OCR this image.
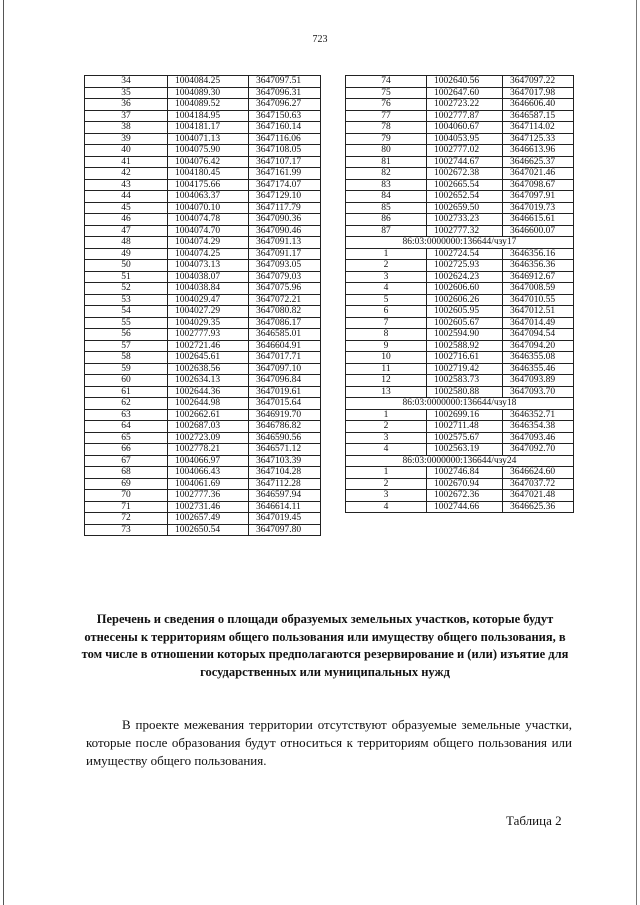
723
34	1004084.25	3647097.51
35	1004089.30	3647096.31
36	1004089.52	3647096.27
37	1004184.95	3647150.63
38	1004181.17	3647160.14
39	1004071.13	3647116.06
40	1004075.90	3647108.05
41	1004076.42	3647107.17
42	1004180.45	3647161.99
43	1004175.66	3647174.07
44	1004063.37	3647129.10
45	1004070.10	3647117.79
46	1004074.78	3647090.36
47	1004074.70	3647090.46
48	1004074.29	3647091.13
49	1004074.25	3647091.17
50	1004073.13	3647093.05
51	1004038.07	3647079.03
52	1004038.84	3647075.96
53	1004029.47	3647072.21
54	1004027.29	3647080.82
55	1004029.35	3647086.17
56	1002777.93	3646585.01
57	1002721.46	3646604.91
58	1002645.61	3647017.71
59	1002638.56	3647097.10
60	1002634.13	3647096.84
61	1002644.36	3647019.61
62	1002644.98	3647015.64
63	1002662.61	3646919.70
64	1002687.03	3646786.82
65	1002723.09	3646590.56
66	1002778.21	3646571.12
67	1004066.97	3647103.39
68	1004066.43	3647104.28
69	1004061.69	3647112.28
70	1002777.36	3646597.94
71	1002731.46	3646614.11
72	1002657.49	3647019.45
73	1002650.54	3647097.80
74	1002640.56	3647097.22
75	1002647.60	3647017.98
76	1002723.22	3646606.40
77	1002777.87	3646587.15
78	1004060.67	3647114.02
79	1004053.95	3647125.33
80	1002777.02	3646613.96
81	1002744.67	3646625.37
82	1002672.38	3647021.46
83	1002665.54	3647098.67
84	1002652.54	3647097.91
85	1002659.50	3647019.73
86	1002733.23	3646615.61
87	1002777.32	3646600.07
86:03:0000000:136644/чзу17		
1	1002724.54	3646356.16
2	1002725.93	3646356.36
3	1002624.23	3646912.67
4	1002606.60	3647008.59
5	1002606.26	3647010.55
6	1002605.95	3647012.51
7	1002605.67	3647014.49
8	1002594.90	3647094.54
9	1002588.92	3647094.20
10	1002716.61	3646355.08
11	1002719.42	3646355.46
12	1002583.73	3647093.89
13	1002580.88	3647093.70
86:03:0000000:136644/чзу18		
1	1002699.16	3646352.71
2	1002711.48	3646354.38
3	1002575.67	3647093.46
4	1002563.19	3647092.70
86:03:0000000:136644/чзу24		
1	1002746.84	3646624.60
2	1002670.94	3647037.72
3	1002672.36	3647021.48
4	1002744.66	3646625.36

Перечень и сведения о площади образуемых земельных участков, которые будут отнесены к территориям общего пользования или имуществу общего пользования, в том числе в отношении которых предполагаются резервирование и (или) изъятие для государственных или муниципальных нужд

В проекте межевания территории отсутствуют образуемые земельные участки, которые после образования будут относиться к территориям общего пользования или имуществу общего пользования.

Таблица 2
